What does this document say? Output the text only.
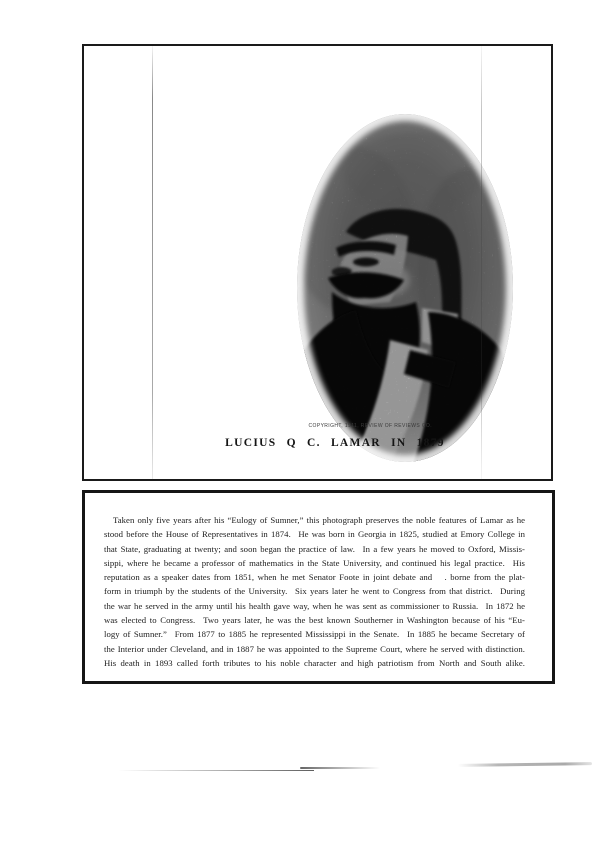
COPYRIGHT, 1911, REVIEW OF REVIEWS CO.
LUCIUS Q C. LAMAR IN 1879
Taken only five years after his “Eulogy of Sumner,” this photograph preserves the noble features of Lamar as he
stood before the House of Representatives in 1874.  He was born in Georgia in 1825, studied at Emory College in
that State, graduating at twenty; and soon began the practice of law.  In a few years he moved to Oxford, Missis-
sippi, where he became a professor of mathematics in the State University, and continued his legal practice.  His
reputation as a speaker dates from 1851, when he met Senator Foote in joint debate and   . borne from the plat-
form in triumph by the students of the University.  Six years later he went to Congress from that district.  During
the war he served in the army until his health gave way, when he was sent as commissioner to Russia.  In 1872 he
was elected to Congress.  Two years later, he was the best known Southerner in Washington because of his “Eu-
logy of Sumner.”  From 1877 to 1885 he represented Mississippi in the Senate.  In 1885 he became Secretary of
the Interior under Cleveland, and in 1887 he was appointed to the Supreme Court, where he served with distinction.
His death in 1893 called forth tributes to his noble character and high patriotism from North and South alike.
